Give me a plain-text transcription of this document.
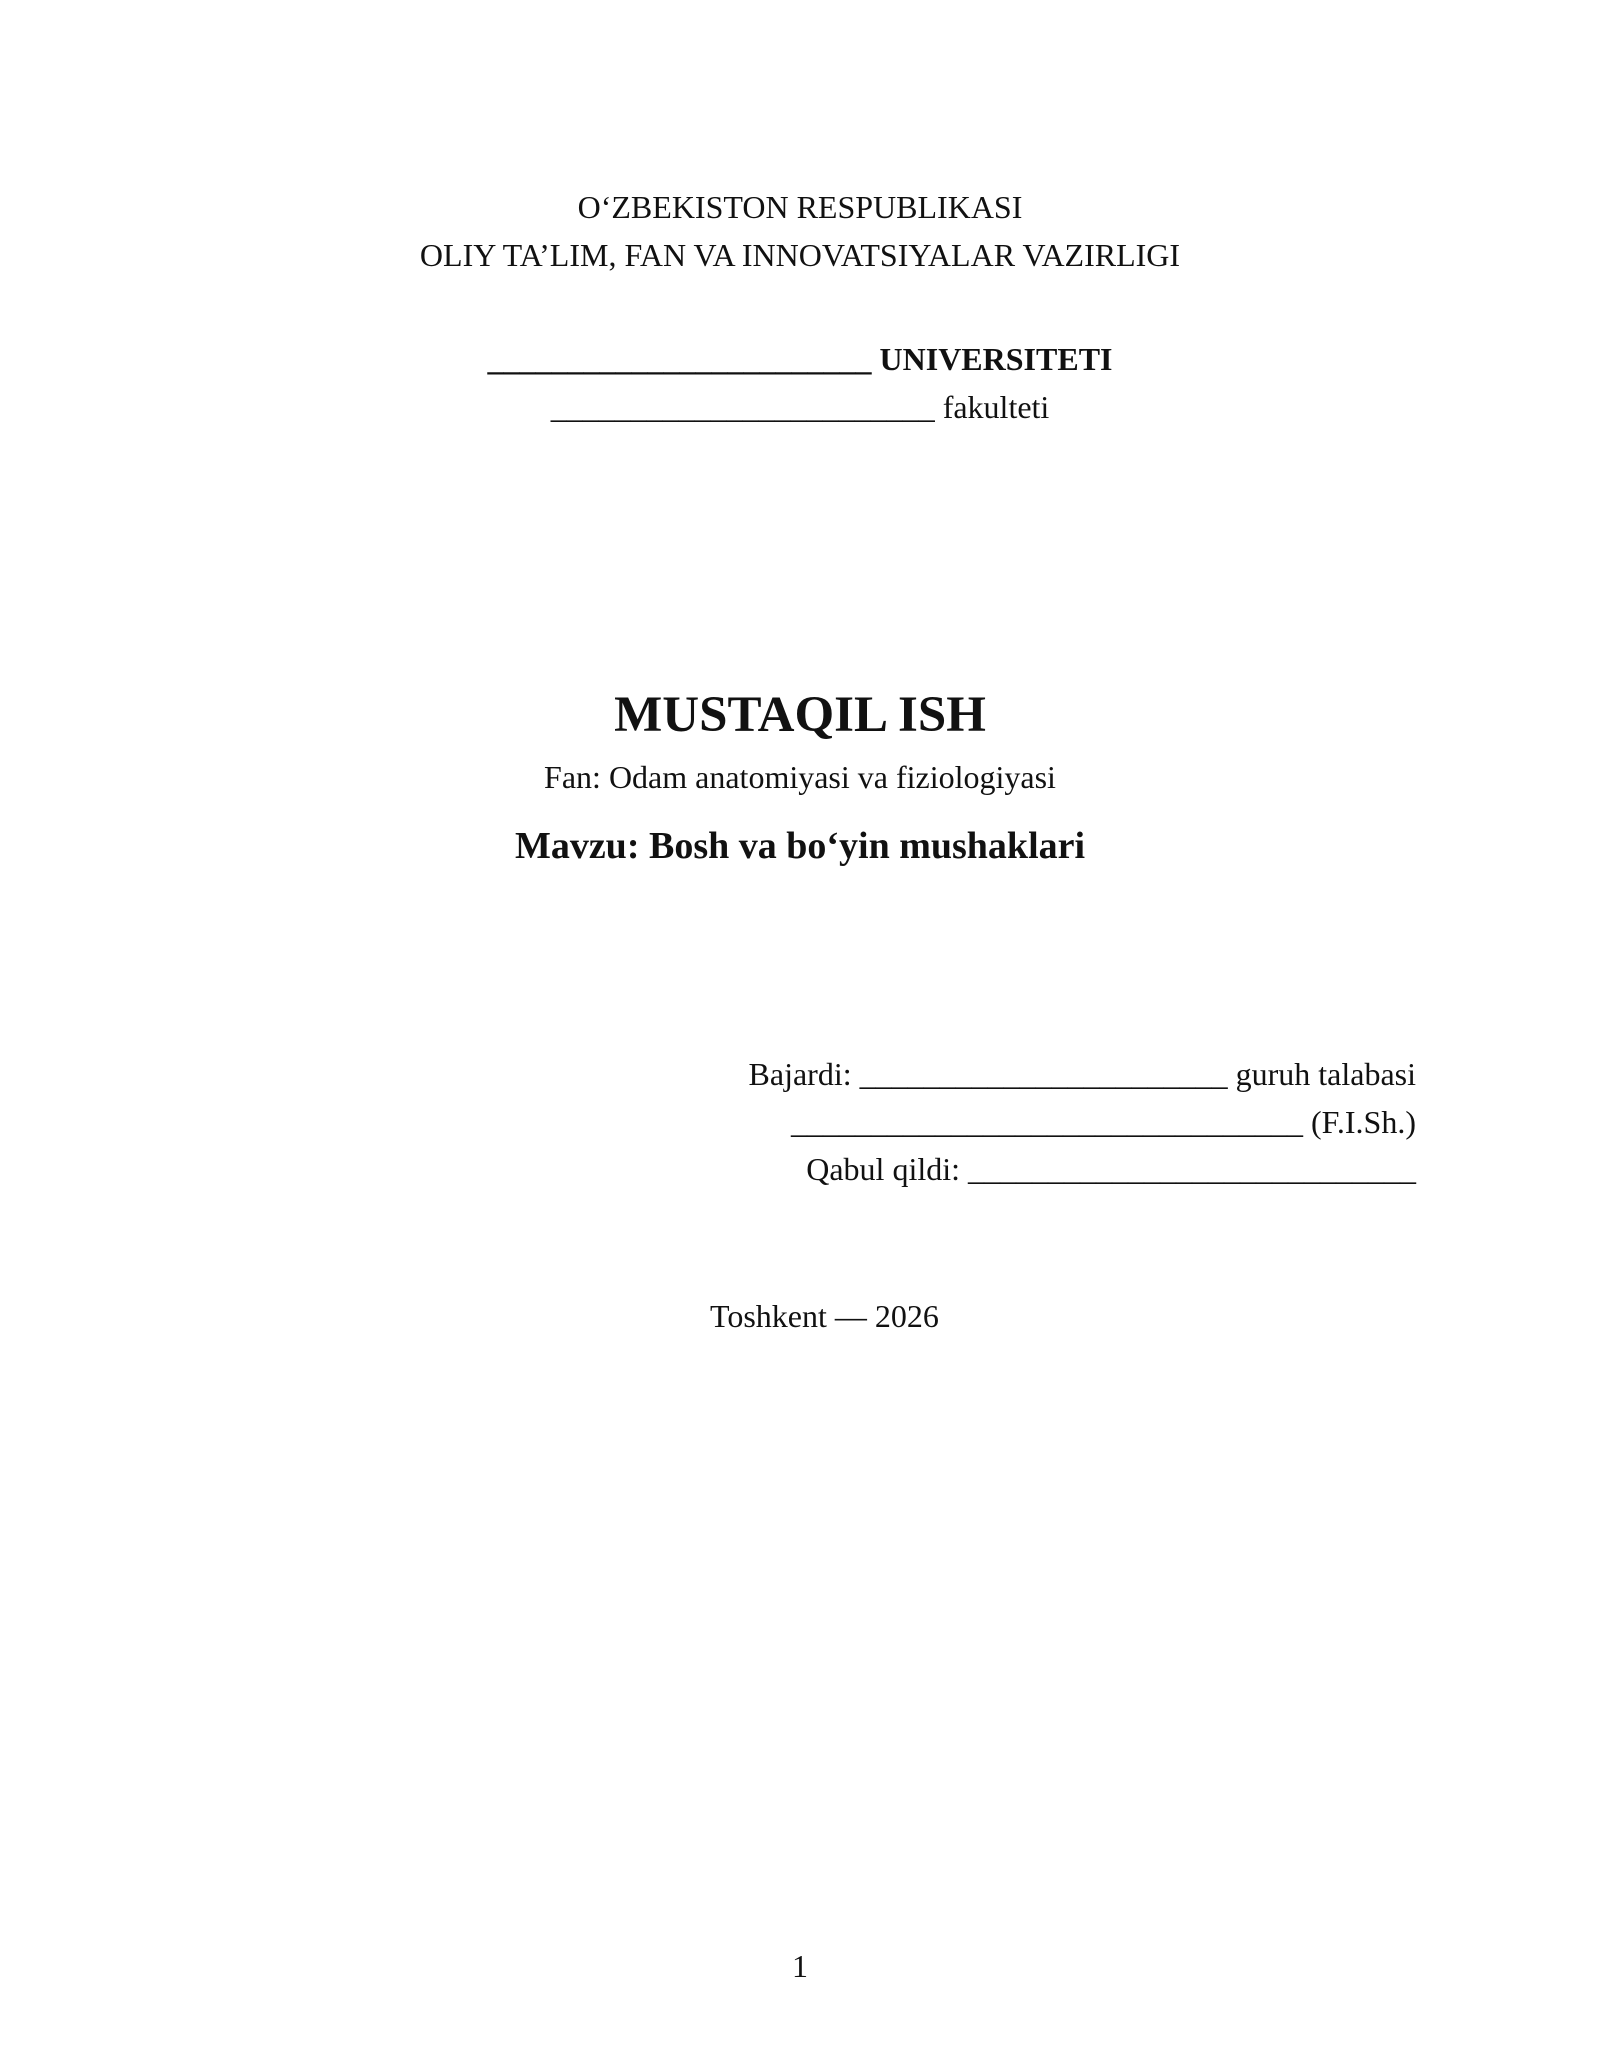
O‘ZBEKISTON RESPUBLIKASI
OLIY TA’LIM, FAN VA INNOVATSIYALAR VAZIRLIGI
________________________ UNIVERSITETI
________________________ fakulteti
MUSTAQIL ISH
Fan: Odam anatomiyasi va fiziologiyasi
Mavzu: Bosh va bo‘yin mushaklari
Bajardi: _______________________ guruh talabasi
________________________________ (F.I.Sh.)
Qabul qildi: ____________________________
Toshkent — 2026
1
